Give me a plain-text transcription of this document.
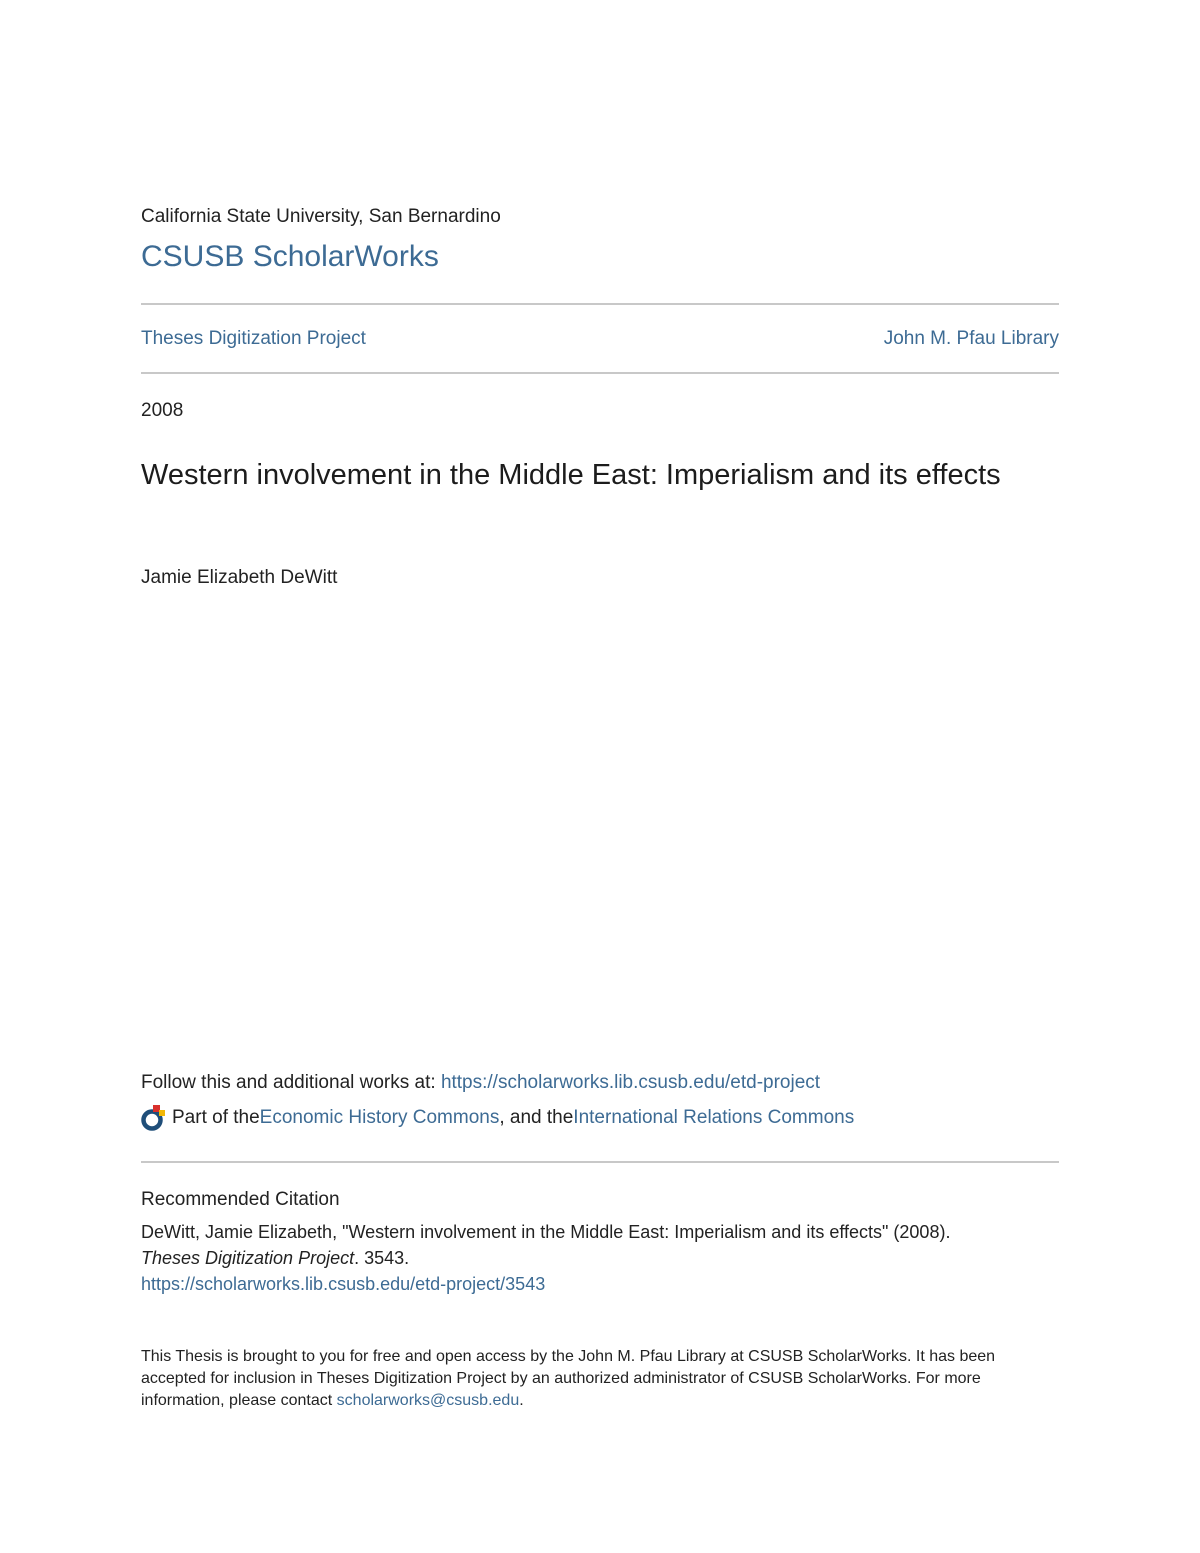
California State University, San Bernardino
CSUSB ScholarWorks
Theses Digitization Project	John M. Pfau Library
2008
Western involvement in the Middle East: Imperialism and its effects
Jamie Elizabeth DeWitt
Follow this and additional works at: https://scholarworks.lib.csusb.edu/etd-project
Part of the Economic History Commons , and the International Relations Commons
Recommended Citation
DeWitt, Jamie Elizabeth, "Western involvement in the Middle East: Imperialism and its effects" (2008).
Theses Digitization Project. 3543.
https://scholarworks.lib.csusb.edu/etd-project/3543
This Thesis is brought to you for free and open access by the John M. Pfau Library at CSUSB ScholarWorks. It has been accepted for inclusion in Theses Digitization Project by an authorized administrator of CSUSB ScholarWorks. For more information, please contact scholarworks@csusb.edu.
